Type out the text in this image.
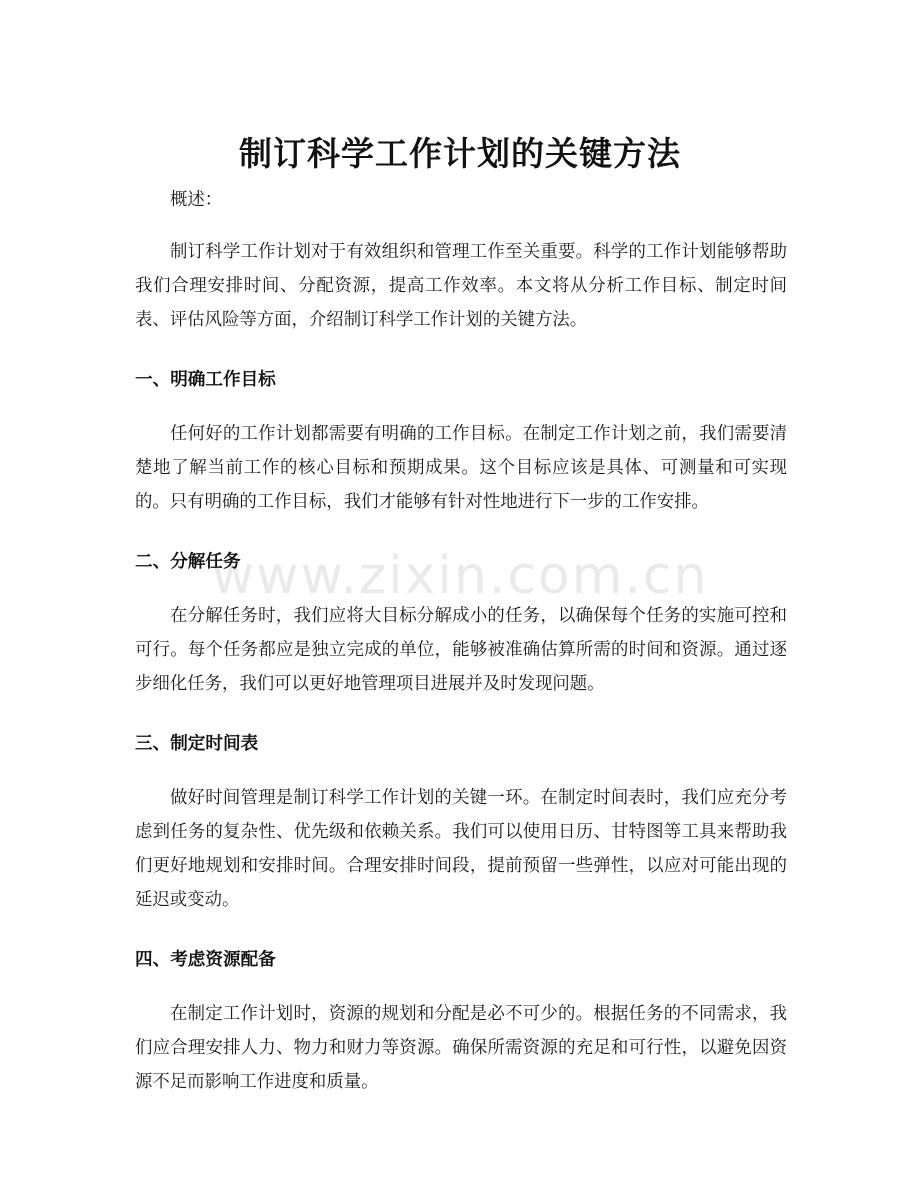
www.zixin.com.cn
制订科学工作计划的关键方法

概述：

制订科学工作计划对于有效组织和管理工作至关重要。科学的工作计划能够帮助我们合理安排时间、分配资源，提高工作效率。本文将从分析工作目标、制定时间表、评估风险等方面，介绍制订科学工作计划的关键方法。

一、明确工作目标

任何好的工作计划都需要有明确的工作目标。在制定工作计划之前，我们需要清楚地了解当前工作的核心目标和预期成果。这个目标应该是具体、可测量和可实现的。只有明确的工作目标，我们才能够有针对性地进行下一步的工作安排。

二、分解任务

在分解任务时，我们应将大目标分解成小的任务，以确保每个任务的实施可控和可行。每个任务都应是独立完成的单位，能够被准确估算所需的时间和资源。通过逐步细化任务，我们可以更好地管理项目进展并及时发现问题。

三、制定时间表

做好时间管理是制订科学工作计划的关键一环。在制定时间表时，我们应充分考虑到任务的复杂性、优先级和依赖关系。我们可以使用日历、甘特图等工具来帮助我们更好地规划和安排时间。合理安排时间段，提前预留一些弹性，以应对可能出现的延迟或变动。

四、考虑资源配备

在制定工作计划时，资源的规划和分配是必不可少的。根据任务的不同需求，我们应合理安排人力、物力和财力等资源。确保所需资源的充足和可行性，以避免因资源不足而影响工作进度和质量。
